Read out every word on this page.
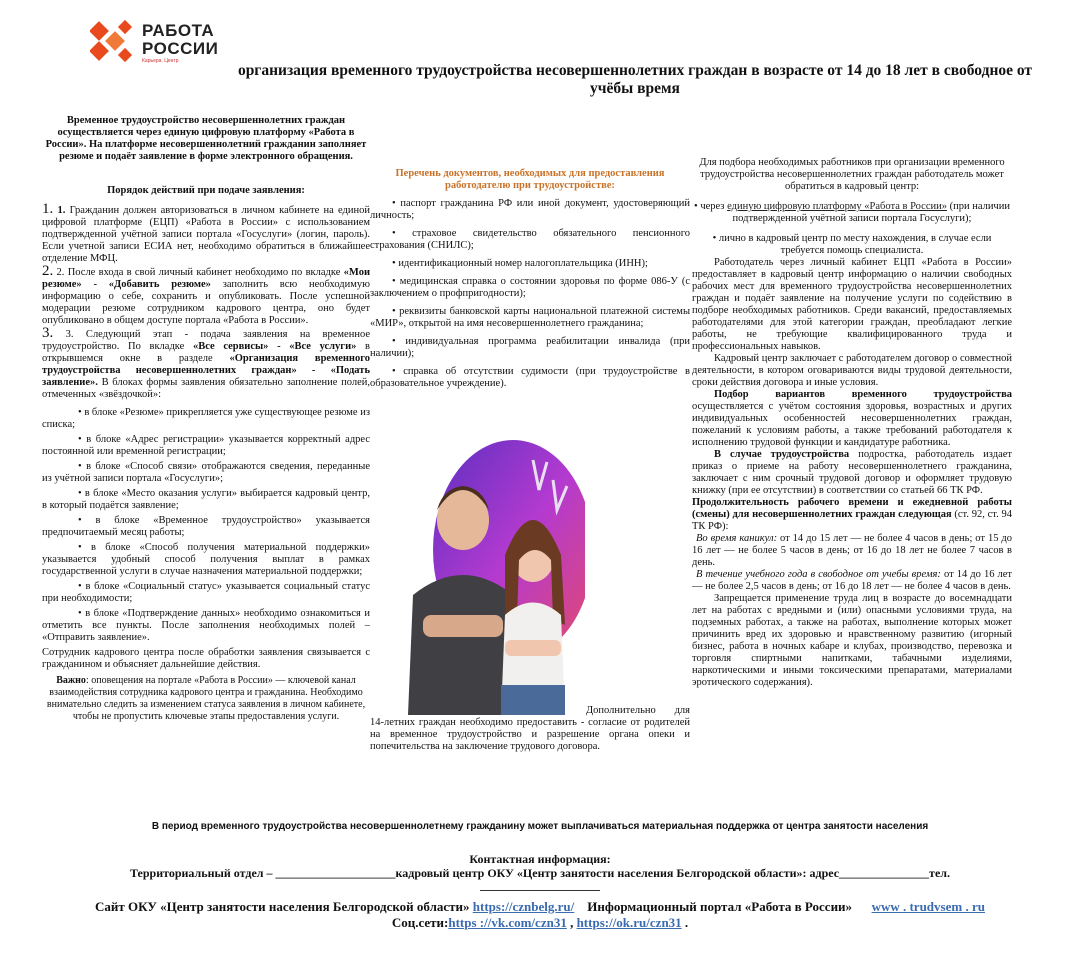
РАБОТА
РОССИИ
Карьера. Центр
организация временного трудоустройства несовершеннолетних граждан в возрасте от 14 до 18 лет в свободное от учёбы время

Временное трудоустройство несовершеннолетних граждан осуществляется через единую цифровую платформу «Работа в России». На платформе несовершеннолетний гражданин заполняет резюме и подаёт заявление в форме электронного обращения.

Порядок действий при подаче заявления:

1. 1. Гражданин должен авторизоваться в личном кабинете на единой цифровой платформе (ЕЦП) «Работа в России» с использованием подтвержденной учётной записи портала «Госуслуги» (логин, пароль). Если учетной записи ЕСИА нет, необходимо обратиться в ближайшее отделение МФЦ.

2. 2. После входа в свой личный кабинет необходимо по вкладке «Мои резюме» - «Добавить резюме» заполнить всю необходимую информацию о себе, сохранить и опубликовать. После успешной модерации резюме сотрудником кадрового центра, оно будет опубликовано в общем доступе портала «Работа в России».

3. 3. Следующий этап - подача заявления на временное трудоустройство. По вкладке «Все сервисы» - «Все услуги» в открывшемся окне в разделе «Организация временного трудоустройства несовершеннолетних граждан» - «Подать заявление». В блоках формы заявления обязательно заполнение полей, отмеченных «звёздочкой»:

• в блоке «Резюме» прикрепляется уже существующее резюме из списка;

• в блоке «Адрес регистрации» указывается корректный адрес постоянной или временной регистрации;

• в блоке «Способ связи» отображаются сведения, переданные из учётной записи портала «Госуслуги»;

• в блоке «Место оказания услуги» выбирается кадровый центр, в который подаётся заявление;

• в блоке «Временное трудоустройство» указывается предпочитаемый месяц работы;

• в блоке «Способ получения материальной поддержки» указывается удобный способ получения выплат в рамках государственной услуги в случае назначения материальной поддержки;

• в блоке «Социальный статус» указывается социальный статус при необходимости;

• в блоке «Подтверждение данных» необходимо ознакомиться и отметить все пункты. После заполнения необходимых полей – «Отправить заявление».

Сотрудник кадрового центра после обработки заявления связывается с гражданином и объясняет дальнейшие действия.

Важно: оповещения на портале «Работа в России» — ключевой канал взаимодействия сотрудника кадрового центра и гражданина. Необходимо внимательно следить за изменением статуса заявления в личном кабинете, чтобы не пропустить ключевые этапы предоставления услуги.

Перечень документов, необходимых для предоставления работодателю при трудоустройстве:

• паспорт гражданина РФ или иной документ, удостоверяющий личность;

• страховое свидетельство обязательного пенсионного страхования (СНИЛС);

• идентификационный номер налогоплательщика (ИНН);

• медицинская справка о состоянии здоровья по форме 086-У (с заключением о профпригодности);

• реквизиты банковской карты национальной платежной системы «МИР», открытой на имя несовершеннолетнего гражданина;

• индивидуальная программа реабилитации инвалида (при наличии);

• справка об отсутствии судимости (при трудоустройстве в образовательное учреждение).

Дополнительно для 14-летних граждан необходимо предоставить - согласие от родителей на временное трудоустройство и разрешение органа опеки и попечительства на заключение трудового договора.

Для подбора необходимых работников при организации временного трудоустройства несовершеннолетних граждан работодатель может обратиться в кадровый центр:

• через единую цифровую платформу «Работа в России» (при наличии подтвержденной учётной записи портала Госуслуги);

• лично в кадровый центр по месту нахождения, в случае если требуется помощь специалиста.

Работодатель через личный кабинет ЕЦП «Работа в России» предоставляет в кадровый центр информацию о наличии свободных рабочих мест для временного трудоустройства несовершеннолетних граждан и подаёт заявление на получение услуги по содействию в подборе необходимых работников. Среди вакансий, предоставляемых работодателями для этой категории граждан, преобладают легкие работы, не требующие квалифицированного труда и профессиональных навыков.

Кадровый центр заключает с работодателем договор о совместной деятельности, в котором оговариваются виды трудовой деятельности, сроки действия договора и иные условия.

Подбор вариантов временного трудоустройства осуществляется с учётом состояния здоровья, возрастных и других индивидуальных особенностей несовершеннолетних граждан, пожеланий к условиям работы, а также требований работодателя к исполнению трудовой функции и кандидатуре работника.

В случае трудоустройства подростка, работодатель издает приказ о приеме на работу несовершеннолетнего гражданина, заключает с ним срочный трудовой договор и оформляет трудовую книжку (при ее отсутствии) в соответствии со статьей 66 ТК РФ.

Продолжительность рабочего времени и ежедневной работы (смены) для несовершеннолетних граждан следующая (ст. 92, ст. 94 ТК РФ):

Во время каникул: от 14 до 15 лет — не более 4 часов в день; от 15 до 16 лет — не более 5 часов в день; от 16 до 18 лет не более 7 часов в день.

В течение учебного года в свободное от учебы время: от 14 до 16 лет — не более 2,5 часов в день; от 16 до 18 лет — не более 4 часов в день.

Запрещается применение труда лиц в возрасте до восемнадцати лет на работах с вредными и (или) опасными условиями труда, на подземных работах, а также на работах, выполнение которых может причинить вред их здоровью и нравственному развитию (игорный бизнес, работа в ночных кабаре и клубах, производство, перевозка и торговля спиртными напитками, табачными изделиями, наркотическими и иными токсическими препаратами, материалами эротического содержания).

В период временного трудоустройства несовершеннолетнему гражданину может выплачиваться материальная поддержка от центра занятости населения
Контактная информация:
Территориальный отдел – ____________________кадровый центр ОКУ «Центр занятости населения Белгородской области»: адрес_______________тел.
Сайт ОКУ «Центр занятости населения Белгородской области» https://cznbelg.ru/ Информационный портал «Работа в России» www . trudvsem . ru
Соц.сети:https ://vk.com/czn31 , https://ok.ru/czn31 .
